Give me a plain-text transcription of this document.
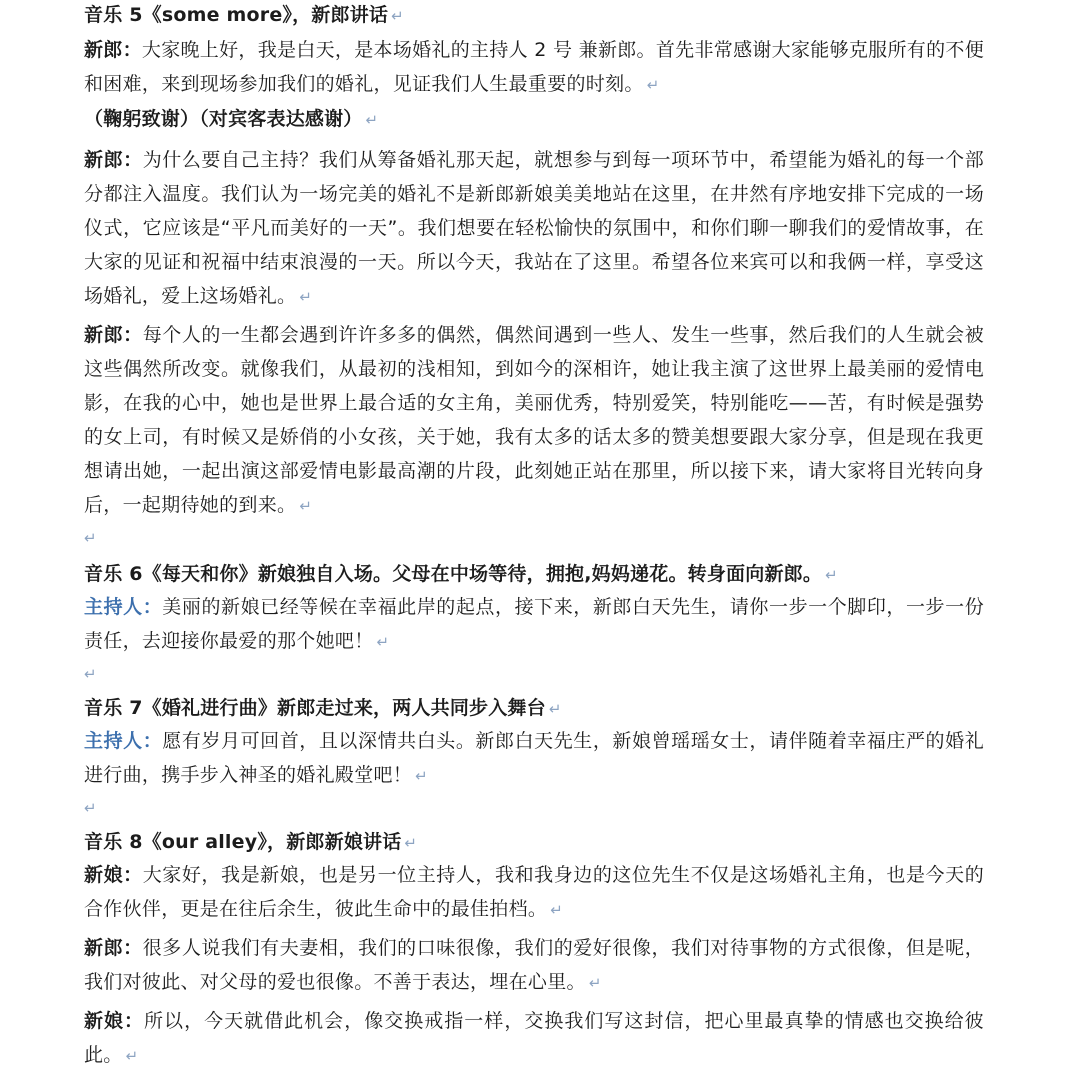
音乐 5《some more》，新郎讲话 ↵

新郎：大家晚上好，我是白天，是本场婚礼的主持人 2 号 兼新郎。首先非常感谢大家能够克服所有的不便和困难，来到现场参加我们的婚礼，见证我们人生最重要的时刻。 ↵

（鞠躬致谢）（对宾客表达感谢） ↵

新郎：为什么要自己主持？我们从筹备婚礼那天起，就想参与到每一项环节中，希望能为婚礼的每一个部分都注入温度。我们认为一场完美的婚礼不是新郎新娘美美地站在这里，在井然有序地安排下完成的一场仪式，它应该是“平凡而美好的一天”。我们想要在轻松愉快的氛围中，和你们聊一聊我们的爱情故事，在大家的见证和祝福中结束浪漫的一天。所以今天，我站在了这里。希望各位来宾可以和我俩一样，享受这场婚礼，爱上这场婚礼。 ↵

新郎：每个人的一生都会遇到许许多多的偶然，偶然间遇到一些人、发生一些事，然后我们的人生就会被这些偶然所改变。就像我们，从最初的浅相知，到如今的深相许，她让我主演了这世界上最美丽的爱情电影，在我的心中，她也是世界上最合适的女主角，美丽优秀，特别爱笑，特别能吃——苦，有时候是强势的女上司，有时候又是娇俏的小女孩，关于她，我有太多的话太多的赞美想要跟大家分享，但是现在我更想请出她，一起出演这部爱情电影最高潮的片段，此刻她正站在那里，所以接下来，请大家将目光转向身后，一起期待她的到来。 ↵

↵

音乐 6《每天和你》新娘独自入场。父母在中场等待，拥抱,妈妈递花。转身面向新郎。 ↵

主持人：美丽的新娘已经等候在幸福此岸的起点，接下来，新郎白天先生，请你一步一个脚印，一步一份责任，去迎接你最爱的那个她吧！ ↵

↵

音乐 7《婚礼进行曲》新郎走过来，两人共同步入舞台 ↵

主持人：愿有岁月可回首，且以深情共白头。新郎白天先生，新娘曾瑶瑶女士，请伴随着幸福庄严的婚礼进行曲，携手步入神圣的婚礼殿堂吧！ ↵

↵

音乐 8《our alley》，新郎新娘讲话 ↵

新娘：大家好，我是新娘，也是另一位主持人，我和我身边的这位先生不仅是这场婚礼主角，也是今天的合作伙伴，更是在往后余生，彼此生命中的最佳拍档。 ↵

新郎：很多人说我们有夫妻相，我们的口味很像，我们的爱好很像，我们对待事物的方式很像，但是呢，我们对彼此、对父母的爱也很像。不善于表达，埋在心里。 ↵

新娘：所以，今天就借此机会，像交换戒指一样，交换我们写这封信，把心里最真挚的情感也交换给彼此。 ↵
